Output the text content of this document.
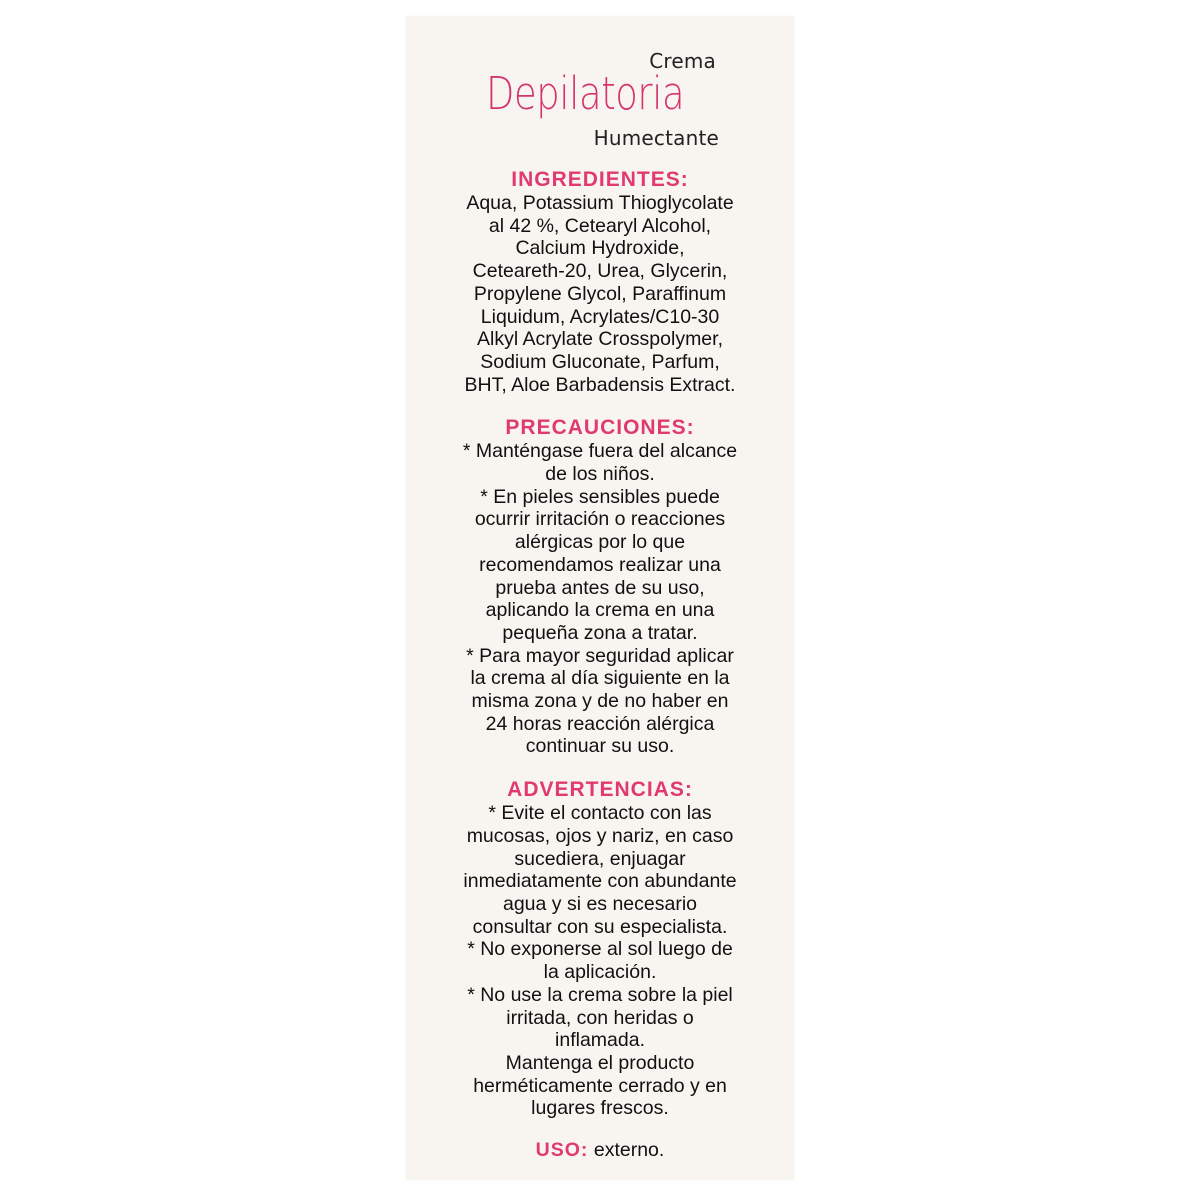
Crema
Depilatoria
Humectante
INGREDIENTES:
Aqua, Potassium Thioglycolate
al 42 %, Cetearyl Alcohol,
Calcium Hydroxide,
Ceteareth-20, Urea, Glycerin,
Propylene Glycol, Paraffinum
Liquidum, Acrylates/C10-30
Alkyl Acrylate Crosspolymer,
Sodium Gluconate, Parfum,
BHT, Aloe Barbadensis Extract.
PRECAUCIONES:
* Manténgase fuera del alcance
de los niños.
* En pieles sensibles puede
ocurrir irritación o reacciones
alérgicas por lo que
recomendamos realizar una
prueba antes de su uso,
aplicando la crema en una
pequeña zona a tratar.
* Para mayor seguridad aplicar
la crema al día siguiente en la
misma zona y de no haber en
24 horas reacción alérgica
continuar su uso.
ADVERTENCIAS:
* Evite el contacto con las
mucosas, ojos y nariz, en caso
sucediera, enjuagar
inmediatamente con abundante
agua y si es necesario
consultar con su especialista.
* No exponerse al sol luego de
la aplicación.
* No use la crema sobre la piel
irritada, con heridas o
inflamada.
Mantenga el producto
herméticamente cerrado y en
lugares frescos.
USO: externo.
